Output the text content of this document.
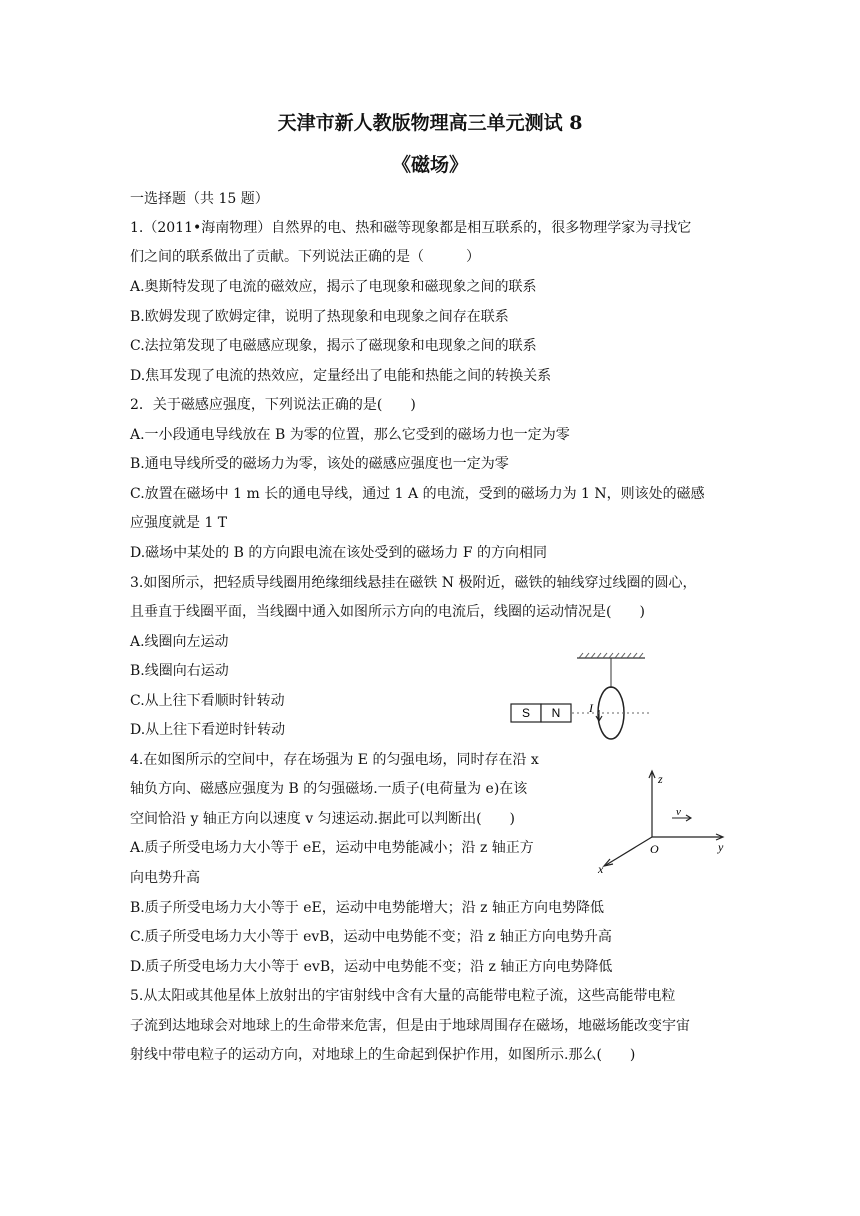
天津市新人教版物理高三单元测试 8
《磁场》
一选择题（共 15 题）
1.（2011•海南物理）自然界的电、热和磁等现象都是相互联系的，很多物理学家为寻找它
们之间的联系做出了贡献。下列说法正确的是（　　　）
A.奥斯特发现了电流的磁效应，揭示了电现象和磁现象之间的联系
B.欧姆发现了欧姆定律，说明了热现象和电现象之间存在联系
C.法拉第发现了电磁感应现象，揭示了磁现象和电现象之间的联系
D.焦耳发现了电流的热效应，定量经出了电能和热能之间的转换关系
2．关于磁感应强度，下列说法正确的是(　　)
A.一小段通电导线放在 B 为零的位置，那么它受到的磁场力也一定为零
B.通电导线所受的磁场力为零，该处的磁感应强度也一定为零
C.放置在磁场中 1 m 长的通电导线，通过 1 A 的电流，受到的磁场力为 1 N，则该处的磁感
应强度就是 1 T
D.磁场中某处的 B 的方向跟电流在该处受到的磁场力 F 的方向相同
3.如图所示，把轻质导线圈用绝缘细线悬挂在磁铁 N 极附近，磁铁的轴线穿过线圈的圆心，
且垂直于线圈平面，当线圈中通入如图所示方向的电流后，线圈的运动情况是(　　)
A.线圈向左运动
B.线圈向右运动
C.从上往下看顺时针转动
D.从上往下看逆时针转动
S N I
4.在如图所示的空间中，存在场强为 E 的匀强电场，同时存在沿 x
轴负方向、磁感应强度为 B 的匀强磁场.一质子(电荷量为 e)在该
空间恰沿 y 轴正方向以速度 v 匀速运动.据此可以判断出(　　)
A.质子所受电场力大小等于 eE，运动中电势能减小；沿 z 轴正方
向电势升高
B.质子所受电场力大小等于 eE，运动中电势能增大；沿 z 轴正方向电势降低
C.质子所受电场力大小等于 evB，运动中电势能不变；沿 z 轴正方向电势升高
D.质子所受电场力大小等于 evB，运动中电势能不变；沿 z 轴正方向电势降低
z
y
x
O
v
5.从太阳或其他星体上放射出的宇宙射线中含有大量的高能带电粒子流，这些高能带电粒
子流到达地球会对地球上的生命带来危害，但是由于地球周围存在磁场，地磁场能改变宇宙
射线中带电粒子的运动方向，对地球上的生命起到保护作用，如图所示.那么(　　)
